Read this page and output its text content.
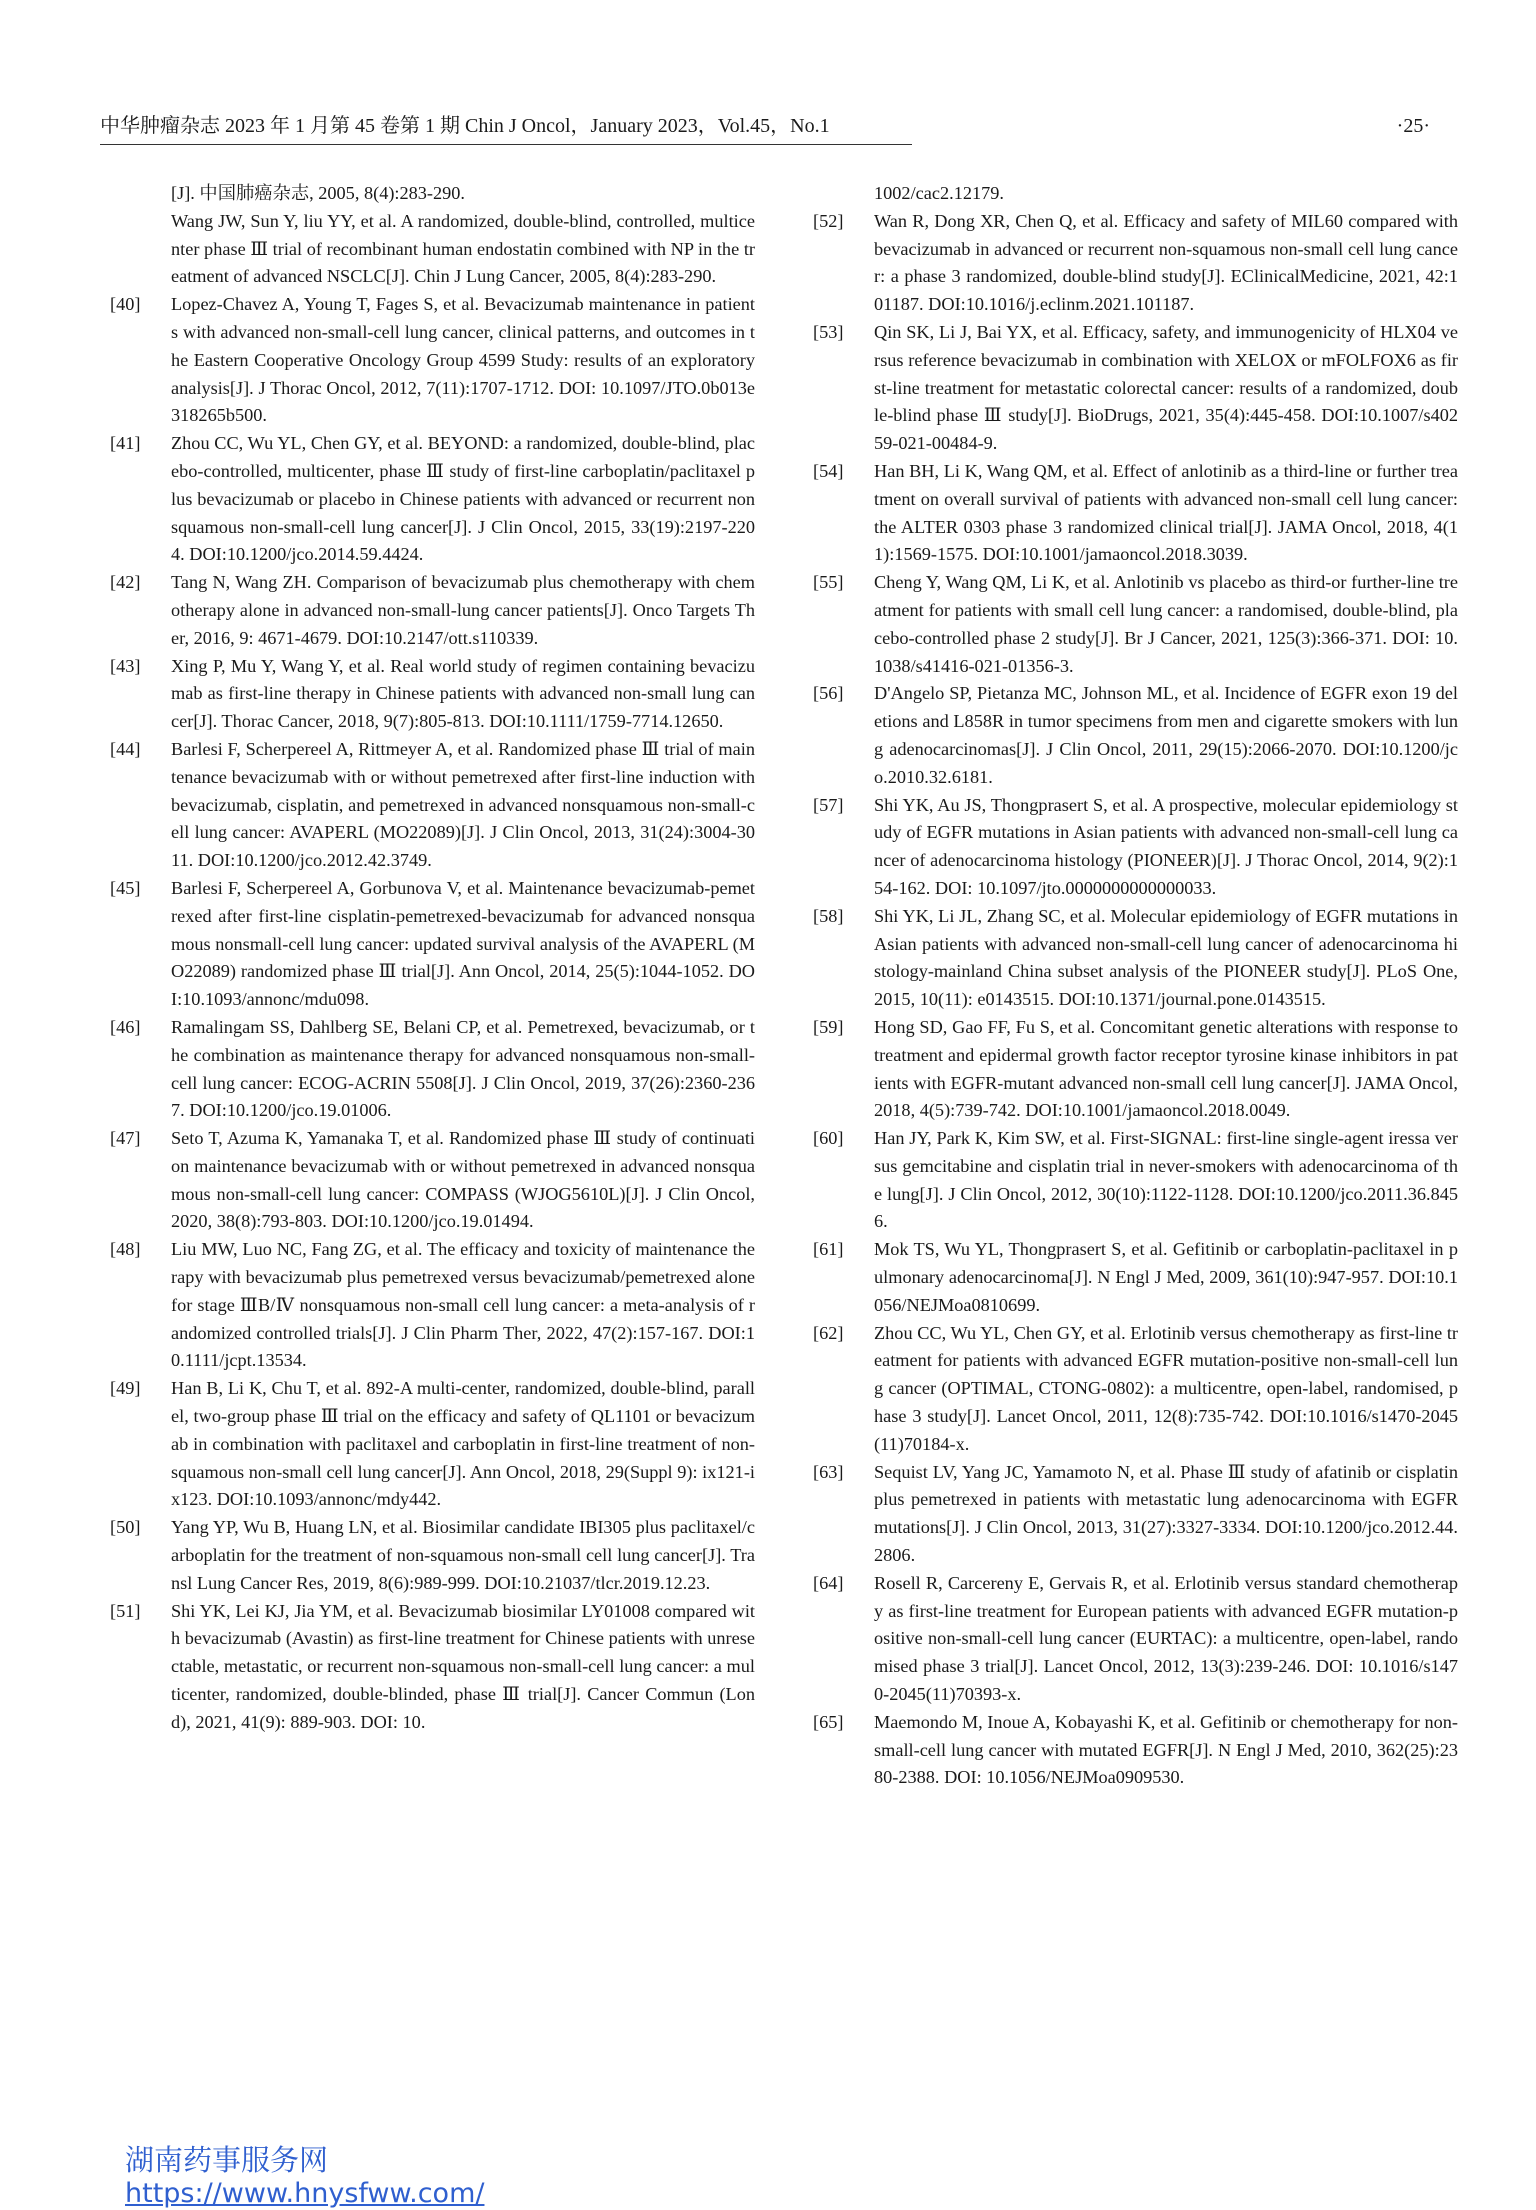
中华肿瘤杂志 2023 年 1 月第 45 卷第 1 期 Chin J Oncol，January 2023，Vol.45，No.1	·25·
[J]. 中国肺癌杂志, 2005, 8(4):283-290.
Wang JW, Sun Y, liu YY, et al. A randomized, double-blind, controlled, multicenter phase Ⅲ trial of recombinant human endostatin combined with NP in the treatment of advanced NSCLC[J]. Chin J Lung Cancer, 2005, 8(4):283-290.
[40] Lopez-Chavez A, Young T, Fages S, et al. Bevacizumab maintenance in patients with advanced non-small-cell lung cancer, clinical patterns, and outcomes in the Eastern Cooperative Oncology Group 4599 Study: results of an exploratory analysis[J]. J Thorac Oncol, 2012, 7(11):1707-1712. DOI: 10.1097/JTO.0b013e318265b500.
[41] Zhou CC, Wu YL, Chen GY, et al. BEYOND: a randomized, double-blind, placebo-controlled, multicenter, phase Ⅲ study of first-line carboplatin/paclitaxel plus bevacizumab or placebo in Chinese patients with advanced or recurrent nonsquamous non-small-cell lung cancer[J]. J Clin Oncol, 2015, 33(19):2197-2204. DOI:10.1200/jco.2014.59.4424.
[42] Tang N, Wang ZH. Comparison of bevacizumab plus chemotherapy with chemotherapy alone in advanced non-small-lung cancer patients[J]. Onco Targets Ther, 2016, 9: 4671-4679. DOI:10.2147/ott.s110339.
[43] Xing P, Mu Y, Wang Y, et al. Real world study of regimen containing bevacizumab as first-line therapy in Chinese patients with advanced non-small lung cancer[J]. Thorac Cancer, 2018, 9(7):805-813. DOI:10.1111/1759-7714.12650.
[44] Barlesi F, Scherpereel A, Rittmeyer A, et al. Randomized phase Ⅲ trial of maintenance bevacizumab with or without pemetrexed after first-line induction with bevacizumab, cisplatin, and pemetrexed in advanced nonsquamous non-small-cell lung cancer: AVAPERL (MO22089)[J]. J Clin Oncol, 2013, 31(24):3004-3011. DOI:10.1200/jco.2012.42.3749.
[45] Barlesi F, Scherpereel A, Gorbunova V, et al. Maintenance bevacizumab-pemetrexed after first-line cisplatin-pemetrexed-bevacizumab for advanced nonsquamous nonsmall-cell lung cancer: updated survival analysis of the AVAPERL (MO22089) randomized phase Ⅲ trial[J]. Ann Oncol, 2014, 25(5):1044-1052. DOI:10.1093/annonc/mdu098.
[46] Ramalingam SS, Dahlberg SE, Belani CP, et al. Pemetrexed, bevacizumab, or the combination as maintenance therapy for advanced nonsquamous non-small-cell lung cancer: ECOG-ACRIN 5508[J]. J Clin Oncol, 2019, 37(26):2360-2367. DOI:10.1200/jco.19.01006.
[47] Seto T, Azuma K, Yamanaka T, et al. Randomized phase Ⅲ study of continuation maintenance bevacizumab with or without pemetrexed in advanced nonsquamous non-small-cell lung cancer: COMPASS (WJOG5610L)[J]. J Clin Oncol, 2020, 38(8):793-803. DOI:10.1200/jco.19.01494.
[48] Liu MW, Luo NC, Fang ZG, et al. The efficacy and toxicity of maintenance therapy with bevacizumab plus pemetrexed versus bevacizumab/pemetrexed alone for stage ⅢB/Ⅳ nonsquamous non-small cell lung cancer: a meta-analysis of randomized controlled trials[J]. J Clin Pharm Ther, 2022, 47(2):157-167. DOI:10.1111/jcpt.13534.
[49] Han B, Li K, Chu T, et al. 892-A multi-center, randomized, double-blind, parallel, two-group phase Ⅲ trial on the efficacy and safety of QL1101 or bevacizumab in combination with paclitaxel and carboplatin in first-line treatment of non-squamous non-small cell lung cancer[J]. Ann Oncol, 2018, 29(Suppl 9): ix121-ix123. DOI:10.1093/annonc/mdy442.
[50] Yang YP, Wu B, Huang LN, et al. Biosimilar candidate IBI305 plus paclitaxel/carboplatin for the treatment of non-squamous non-small cell lung cancer[J]. Transl Lung Cancer Res, 2019, 8(6):989-999. DOI:10.21037/tlcr.2019.12.23.
[51] Shi YK, Lei KJ, Jia YM, et al. Bevacizumab biosimilar LY01008 compared with bevacizumab (Avastin) as first-line treatment for Chinese patients with unresectable, metastatic, or recurrent non-squamous non-small-cell lung cancer: a multicenter, randomized, double-blinded, phase Ⅲ trial[J]. Cancer Commun (Lond), 2021, 41(9): 889-903. DOI: 10.
1002/cac2.12179.
[52] Wan R, Dong XR, Chen Q, et al. Efficacy and safety of MIL60 compared with bevacizumab in advanced or recurrent non-squamous non-small cell lung cancer: a phase 3 randomized, double-blind study[J]. EClinicalMedicine, 2021, 42:101187. DOI:10.1016/j.eclinm.2021.101187.
[53] Qin SK, Li J, Bai YX, et al. Efficacy, safety, and immunogenicity of HLX04 versus reference bevacizumab in combination with XELOX or mFOLFOX6 as first-line treatment for metastatic colorectal cancer: results of a randomized, double-blind phase Ⅲ study[J]. BioDrugs, 2021, 35(4):445-458. DOI:10.1007/s40259-021-00484-9.
[54] Han BH, Li K, Wang QM, et al. Effect of anlotinib as a third-line or further treatment on overall survival of patients with advanced non-small cell lung cancer: the ALTER 0303 phase 3 randomized clinical trial[J]. JAMA Oncol, 2018, 4(11):1569-1575. DOI:10.1001/jamaoncol.2018.3039.
[55] Cheng Y, Wang QM, Li K, et al. Anlotinib vs placebo as third-or further-line treatment for patients with small cell lung cancer: a randomised, double-blind, placebo-controlled phase 2 study[J]. Br J Cancer, 2021, 125(3):366-371. DOI: 10.1038/s41416-021-01356-3.
[56] D'Angelo SP, Pietanza MC, Johnson ML, et al. Incidence of EGFR exon 19 deletions and L858R in tumor specimens from men and cigarette smokers with lung adenocarcinomas[J]. J Clin Oncol, 2011, 29(15):2066-2070. DOI:10.1200/jco.2010.32.6181.
[57] Shi YK, Au JS, Thongprasert S, et al. A prospective, molecular epidemiology study of EGFR mutations in Asian patients with advanced non-small-cell lung cancer of adenocarcinoma histology (PIONEER)[J]. J Thorac Oncol, 2014, 9(2):154-162. DOI: 10.1097/jto.0000000000000033.
[58] Shi YK, Li JL, Zhang SC, et al. Molecular epidemiology of EGFR mutations in Asian patients with advanced non-small-cell lung cancer of adenocarcinoma histology-mainland China subset analysis of the PIONEER study[J]. PLoS One, 2015, 10(11): e0143515. DOI:10.1371/journal.pone.0143515.
[59] Hong SD, Gao FF, Fu S, et al. Concomitant genetic alterations with response to treatment and epidermal growth factor receptor tyrosine kinase inhibitors in patients with EGFR-mutant advanced non-small cell lung cancer[J]. JAMA Oncol, 2018, 4(5):739-742. DOI:10.1001/jamaoncol.2018.0049.
[60] Han JY, Park K, Kim SW, et al. First-SIGNAL: first-line single-agent iressa versus gemcitabine and cisplatin trial in never-smokers with adenocarcinoma of the lung[J]. J Clin Oncol, 2012, 30(10):1122-1128. DOI:10.1200/jco.2011.36.8456.
[61] Mok TS, Wu YL, Thongprasert S, et al. Gefitinib or carboplatin-paclitaxel in pulmonary adenocarcinoma[J]. N Engl J Med, 2009, 361(10):947-957. DOI:10.1056/NEJMoa0810699.
[62] Zhou CC, Wu YL, Chen GY, et al. Erlotinib versus chemotherapy as first-line treatment for patients with advanced EGFR mutation-positive non-small-cell lung cancer (OPTIMAL, CTONG-0802): a multicentre, open-label, randomised, phase 3 study[J]. Lancet Oncol, 2011, 12(8):735-742. DOI:10.1016/s1470-2045(11)70184-x.
[63] Sequist LV, Yang JC, Yamamoto N, et al. Phase Ⅲ study of afatinib or cisplatin plus pemetrexed in patients with metastatic lung adenocarcinoma with EGFR mutations[J]. J Clin Oncol, 2013, 31(27):3327-3334. DOI:10.1200/jco.2012.44.2806.
[64] Rosell R, Carcereny E, Gervais R, et al. Erlotinib versus standard chemotherapy as first-line treatment for European patients with advanced EGFR mutation-positive non-small-cell lung cancer (EURTAC): a multicentre, open-label, randomised phase 3 trial[J]. Lancet Oncol, 2012, 13(3):239-246. DOI: 10.1016/s1470-2045(11)70393-x.
[65] Maemondo M, Inoue A, Kobayashi K, et al. Gefitinib or chemotherapy for non-small-cell lung cancer with mutated EGFR[J]. N Engl J Med, 2010, 362(25):2380-2388. DOI: 10.1056/NEJMoa0909530.
湖南药事服务网
https://www.hnysfww.com/
